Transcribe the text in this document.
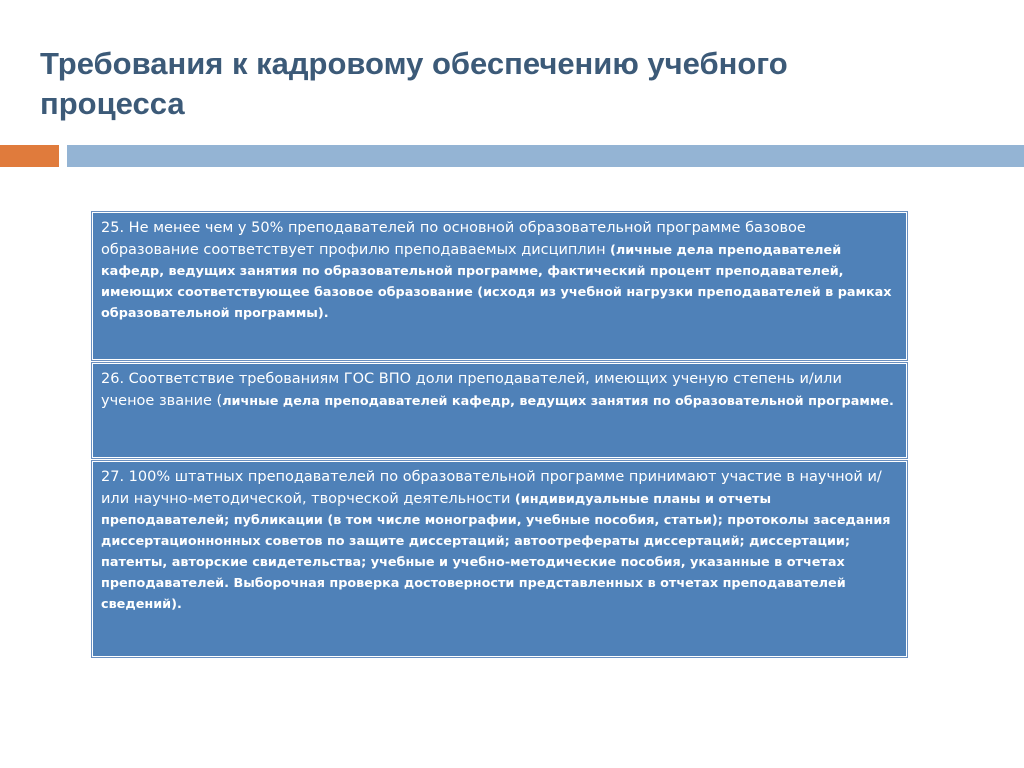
Требования к кадровому обеспечению учебного процесса
25. Не менее чем у 50% преподавателей по основной образовательной программе базовое образование соответствует профилю преподаваемых дисциплин (личные дела преподавателей кафедр, ведущих занятия по образовательной программе, фактический процент преподавателей, имеющих соответствующее базовое образование (исходя из учебной нагрузки преподавателей в рамках образовательной программы).
26. Соответствие требованиям ГОС ВПО доли преподавателей, имеющих ученую степень и/или ученое звание (личные дела преподавателей кафедр, ведущих занятия по образовательной программе.
27. 100% штатных преподавателей по образовательной программе принимают участие в научной и/или научно-методической, творческой деятельности (индивидуальные планы и отчеты преподавателей; публикации (в том числе монографии, учебные пособия, статьи); протоколы заседания диссертационнонных советов по защите диссертаций; автоотрефераты диссертаций; диссертации; патенты, авторские свидетельства; учебные и учебно-методические пособия, указанные в отчетах преподавателей. Выборочная проверка достоверности представленных в отчетах преподавателей сведений).
